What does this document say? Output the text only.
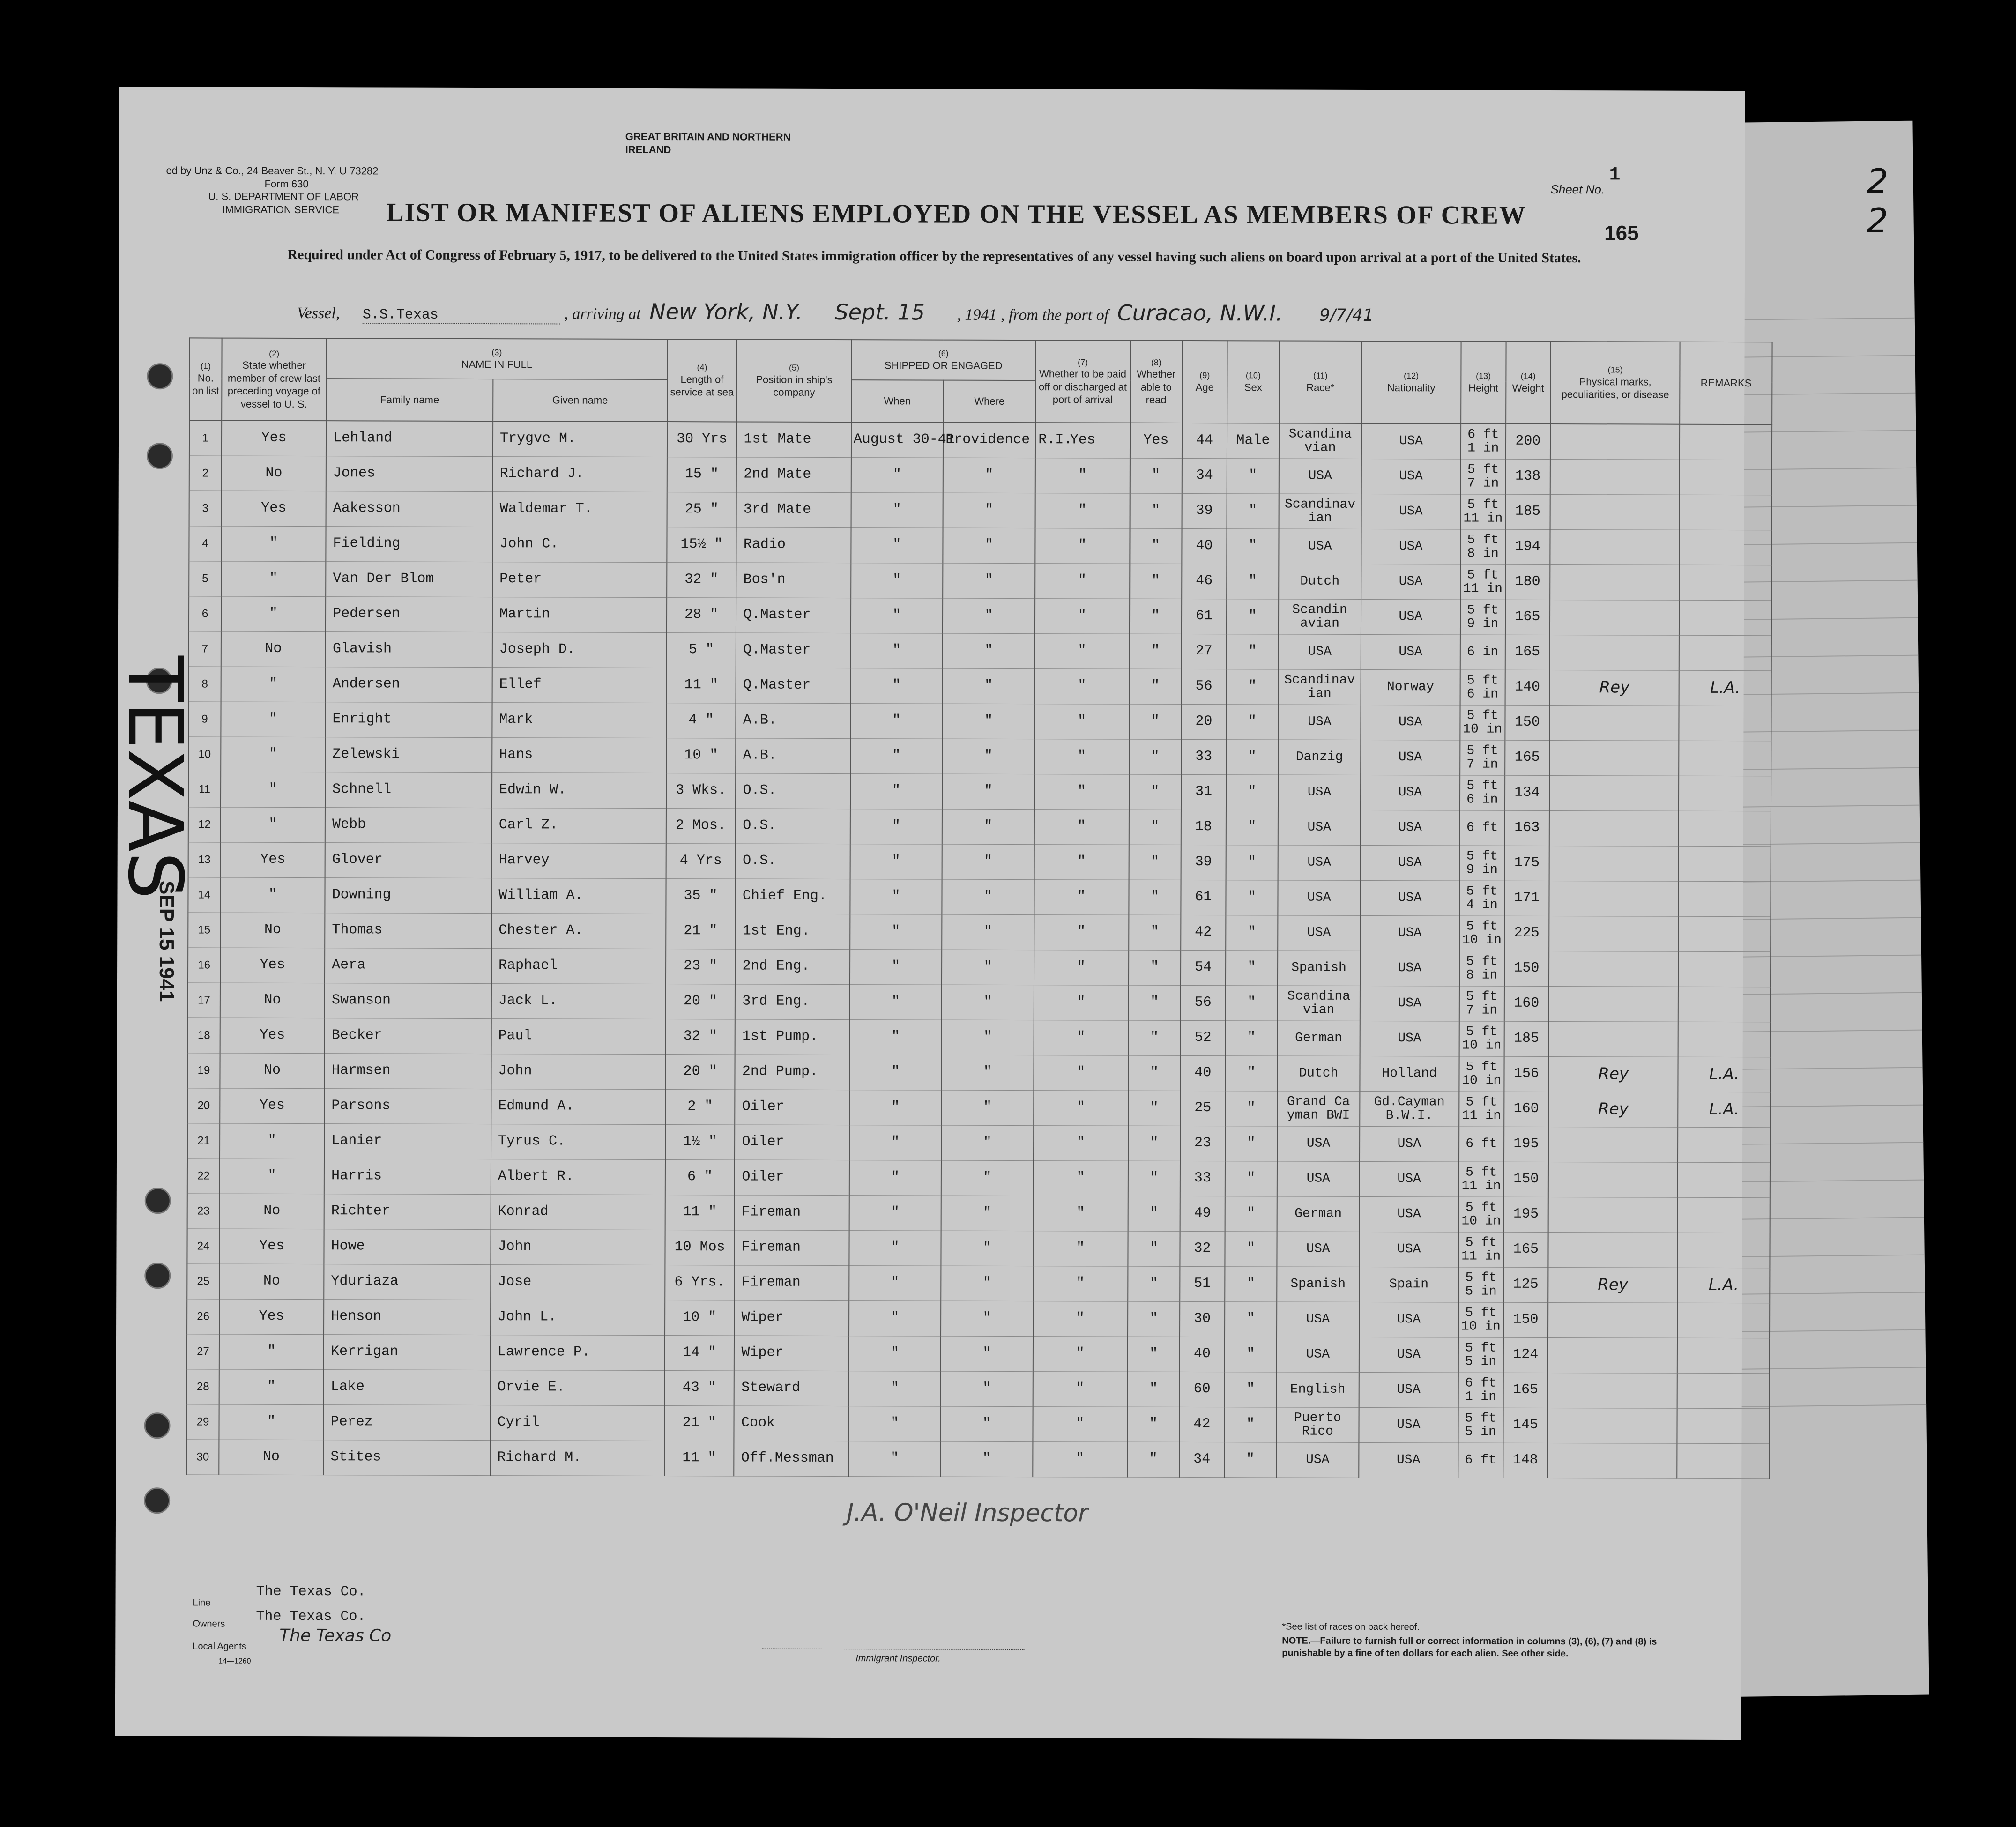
ed by Unz & Co., 24 Beaver St., N. Y. U 73282
Form 630
U. S. DEPARTMENT OF LABOR
IMMIGRATION SERVICE
GREAT BRITAIN AND NORTHERN IRELAND
Sheet No.
1
165
2 2
LIST OR MANIFEST OF ALIENS EMPLOYED ON THE VESSEL AS MEMBERS OF CREW
Required under Act of Congress of February 5, 1917, to be delivered to the United States immigration officer by the representatives of any vessel having such aliens on board upon arrival at a port of the United States.
Vessel, S.S.Texas	, arriving at New York, N.Y. Sept. 15 , 1941 , from the port of Curacao, N.W.I. 9/7/41
(1)
No. on list	(2)
State whether member of crew last preceding voyage of vessel to U. S.	(3)
NAME IN FULL		(4)
Length of service at sea	(5)
Position in ship's company	(6)
SHIPPED OR ENGAGED		(7)
Whether to be paid off or discharged at port of arrival	(8)
Whether able to read	(9)
Age	(10)
Sex	(11)
Race*	(12)
Nationality	(13)
Height	(14)
Weight	(15)
Physical marks, peculiarities, or disease	REMARKS
		Family name	Given name			When	Where										
1	Yes	Lehland	Trygve M.	30 Yrs	1st Mate	August 30-41	Providence R.I.	Yes	Yes	44	Male	Scandina vian	USA	6 ft 1 in	200		
2	No	Jones	Richard J.	15 "	2nd Mate	"	"	"	"	34	"	USA	USA	5 ft 7 in	138		
3	Yes	Aakesson	Waldemar T.	25 "	3rd Mate	"	"	"	"	39	"	Scandinav ian	USA	5 ft 11 in	185		
4	"	Fielding	John C.	15½ "	Radio	"	"	"	"	40	"	USA	USA	5 ft 8 in	194		
5	"	Van Der Blom	Peter	32 "	Bos'n	"	"	"	"	46	"	Dutch	USA	5 ft 11 in	180		
6	"	Pedersen	Martin	28 "	Q.Master	"	"	"	"	61	"	Scandin avian	USA	5 ft 9 in	165		
7	No	Glavish	Joseph D.	5 "	Q.Master	"	"	"	"	27	"	USA	USA	6 in	165		
8	"	Andersen	Ellef	11 "	Q.Master	"	"	"	"	56	"	Scandinav ian	Norway	5 ft 6 in	140	Rey	L.A.
9	"	Enright	Mark	4 "	A.B.	"	"	"	"	20	"	USA	USA	5 ft 10 in	150		
10	"	Zelewski	Hans	10 "	A.B.	"	"	"	"	33	"	Danzig	USA	5 ft 7 in	165		
11	"	Schnell	Edwin W.	3 Wks.	O.S.	"	"	"	"	31	"	USA	USA	5 ft 6 in	134		
12	"	Webb	Carl Z.	2 Mos.	O.S.	"	"	"	"	18	"	USA	USA	6 ft	163		
13	Yes	Glover	Harvey	4 Yrs	O.S.	"	"	"	"	39	"	USA	USA	5 ft 9 in	175		
14	"	Downing	William A.	35 "	Chief Eng.	"	"	"	"	61	"	USA	USA	5 ft 4 in	171		
15	No	Thomas	Chester A.	21 "	1st Eng.	"	"	"	"	42	"	USA	USA	5 ft 10 in	225		
16	Yes	Aera	Raphael	23 "	2nd Eng.	"	"	"	"	54	"	Spanish	USA	5 ft 8 in	150		
17	No	Swanson	Jack L.	20 "	3rd Eng.	"	"	"	"	56	"	Scandina vian	USA	5 ft 7 in	160		
18	Yes	Becker	Paul	32 "	1st Pump.	"	"	"	"	52	"	German	USA	5 ft 10 in	185		
19	No	Harmsen	John	20 "	2nd Pump.	"	"	"	"	40	"	Dutch	Holland	5 ft 10 in	156	Rey	L.A.
20	Yes	Parsons	Edmund A.	2 "	Oiler	"	"	"	"	25	"	Grand Ca yman BWI	Gd.Cayman B.W.I.	5 ft 11 in	160	Rey	L.A.
21	"	Lanier	Tyrus C.	1½ "	Oiler	"	"	"	"	23	"	USA	USA	6 ft	195		
22	"	Harris	Albert R.	6 "	Oiler	"	"	"	"	33	"	USA	USA	5 ft 11 in	150		
23	No	Richter	Konrad	11 "	Fireman	"	"	"	"	49	"	German	USA	5 ft 10 in	195		
24	Yes	Howe	John	10 Mos	Fireman	"	"	"	"	32	"	USA	USA	5 ft 11 in	165		
25	No	Yduriaza	Jose	6 Yrs.	Fireman	"	"	"	"	51	"	Spanish	Spain	5 ft 5 in	125	Rey	L.A.
26	Yes	Henson	John L.	10 "	Wiper	"	"	"	"	30	"	USA	USA	5 ft 10 in	150		
27	"	Kerrigan	Lawrence P.	14 "	Wiper	"	"	"	"	40	"	USA	USA	5 ft 5 in	124		
28	"	Lake	Orvie E.	43 "	Steward	"	"	"	"	60	"	English	USA	6 ft 1 in	165		
29	"	Perez	Cyril	21 "	Cook	"	"	"	"	42	"	Puerto Rico	USA	5 ft 5 in	145		
30	No	Stites	Richard M.	11 "	Off.Messman	"	"	"	"	34	"	USA	USA	6 ft	148		
J.A. O'Neil Inspector
Line
The Texas Co.
Owners The Texas Co.
Local Agents
The Texas Co
14—1260	Immigrant Inspector.
*See list of races on back hereof.
NOTE.—Failure to furnish full or correct information in columns (3), (6), (7) and (8) is punishable by a fine of ten dollars for each alien. See other side.
TEXAS
SEP 15 1941
